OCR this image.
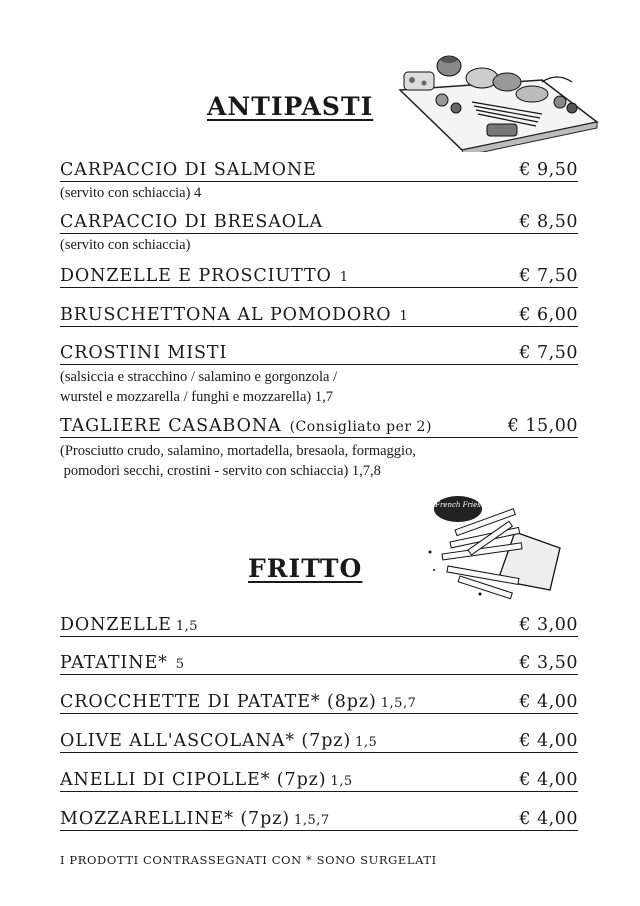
ANTIPASTI
CARPACCIO DI SALMONE	€ 9,50
(servito con schiaccia) 4
CARPACCIO DI BRESAOLA	€ 8,50
(servito con schiaccia)
DONZELLE E PROSCIUTTO 1	€ 7,50
BRUSCHETTONA AL POMODORO 1	€ 6,00
CROSTINI MISTI	€ 7,50
(salsiccia e stracchino / salamino e gorgonzola /
wurstel e mozzarella / funghi e mozzarella) 1,7
TAGLIERE CASABONA (Consigliato per 2)	€ 15,00
(Prosciutto crudo, salamino, mortadella, bresaola, formaggio,
pomodori secchi, crostini - servito con schiaccia) 1,7,8
French Fries
FRITTO
DONZELLE 1,5	€ 3,00
PATATINE* 5	€ 3,50
CROCCHETTE DI PATATE* (8pz) 1,5,7	€ 4,00
OLIVE ALL'ASCOLANA* (7pz) 1,5	€ 4,00
ANELLI DI CIPOLLE* (7pz) 1,5	€ 4,00
MOZZARELLINE* (7pz) 1,5,7	€ 4,00
I PRODOTTI CONTRASSEGNATI CON * SONO SURGELATI
